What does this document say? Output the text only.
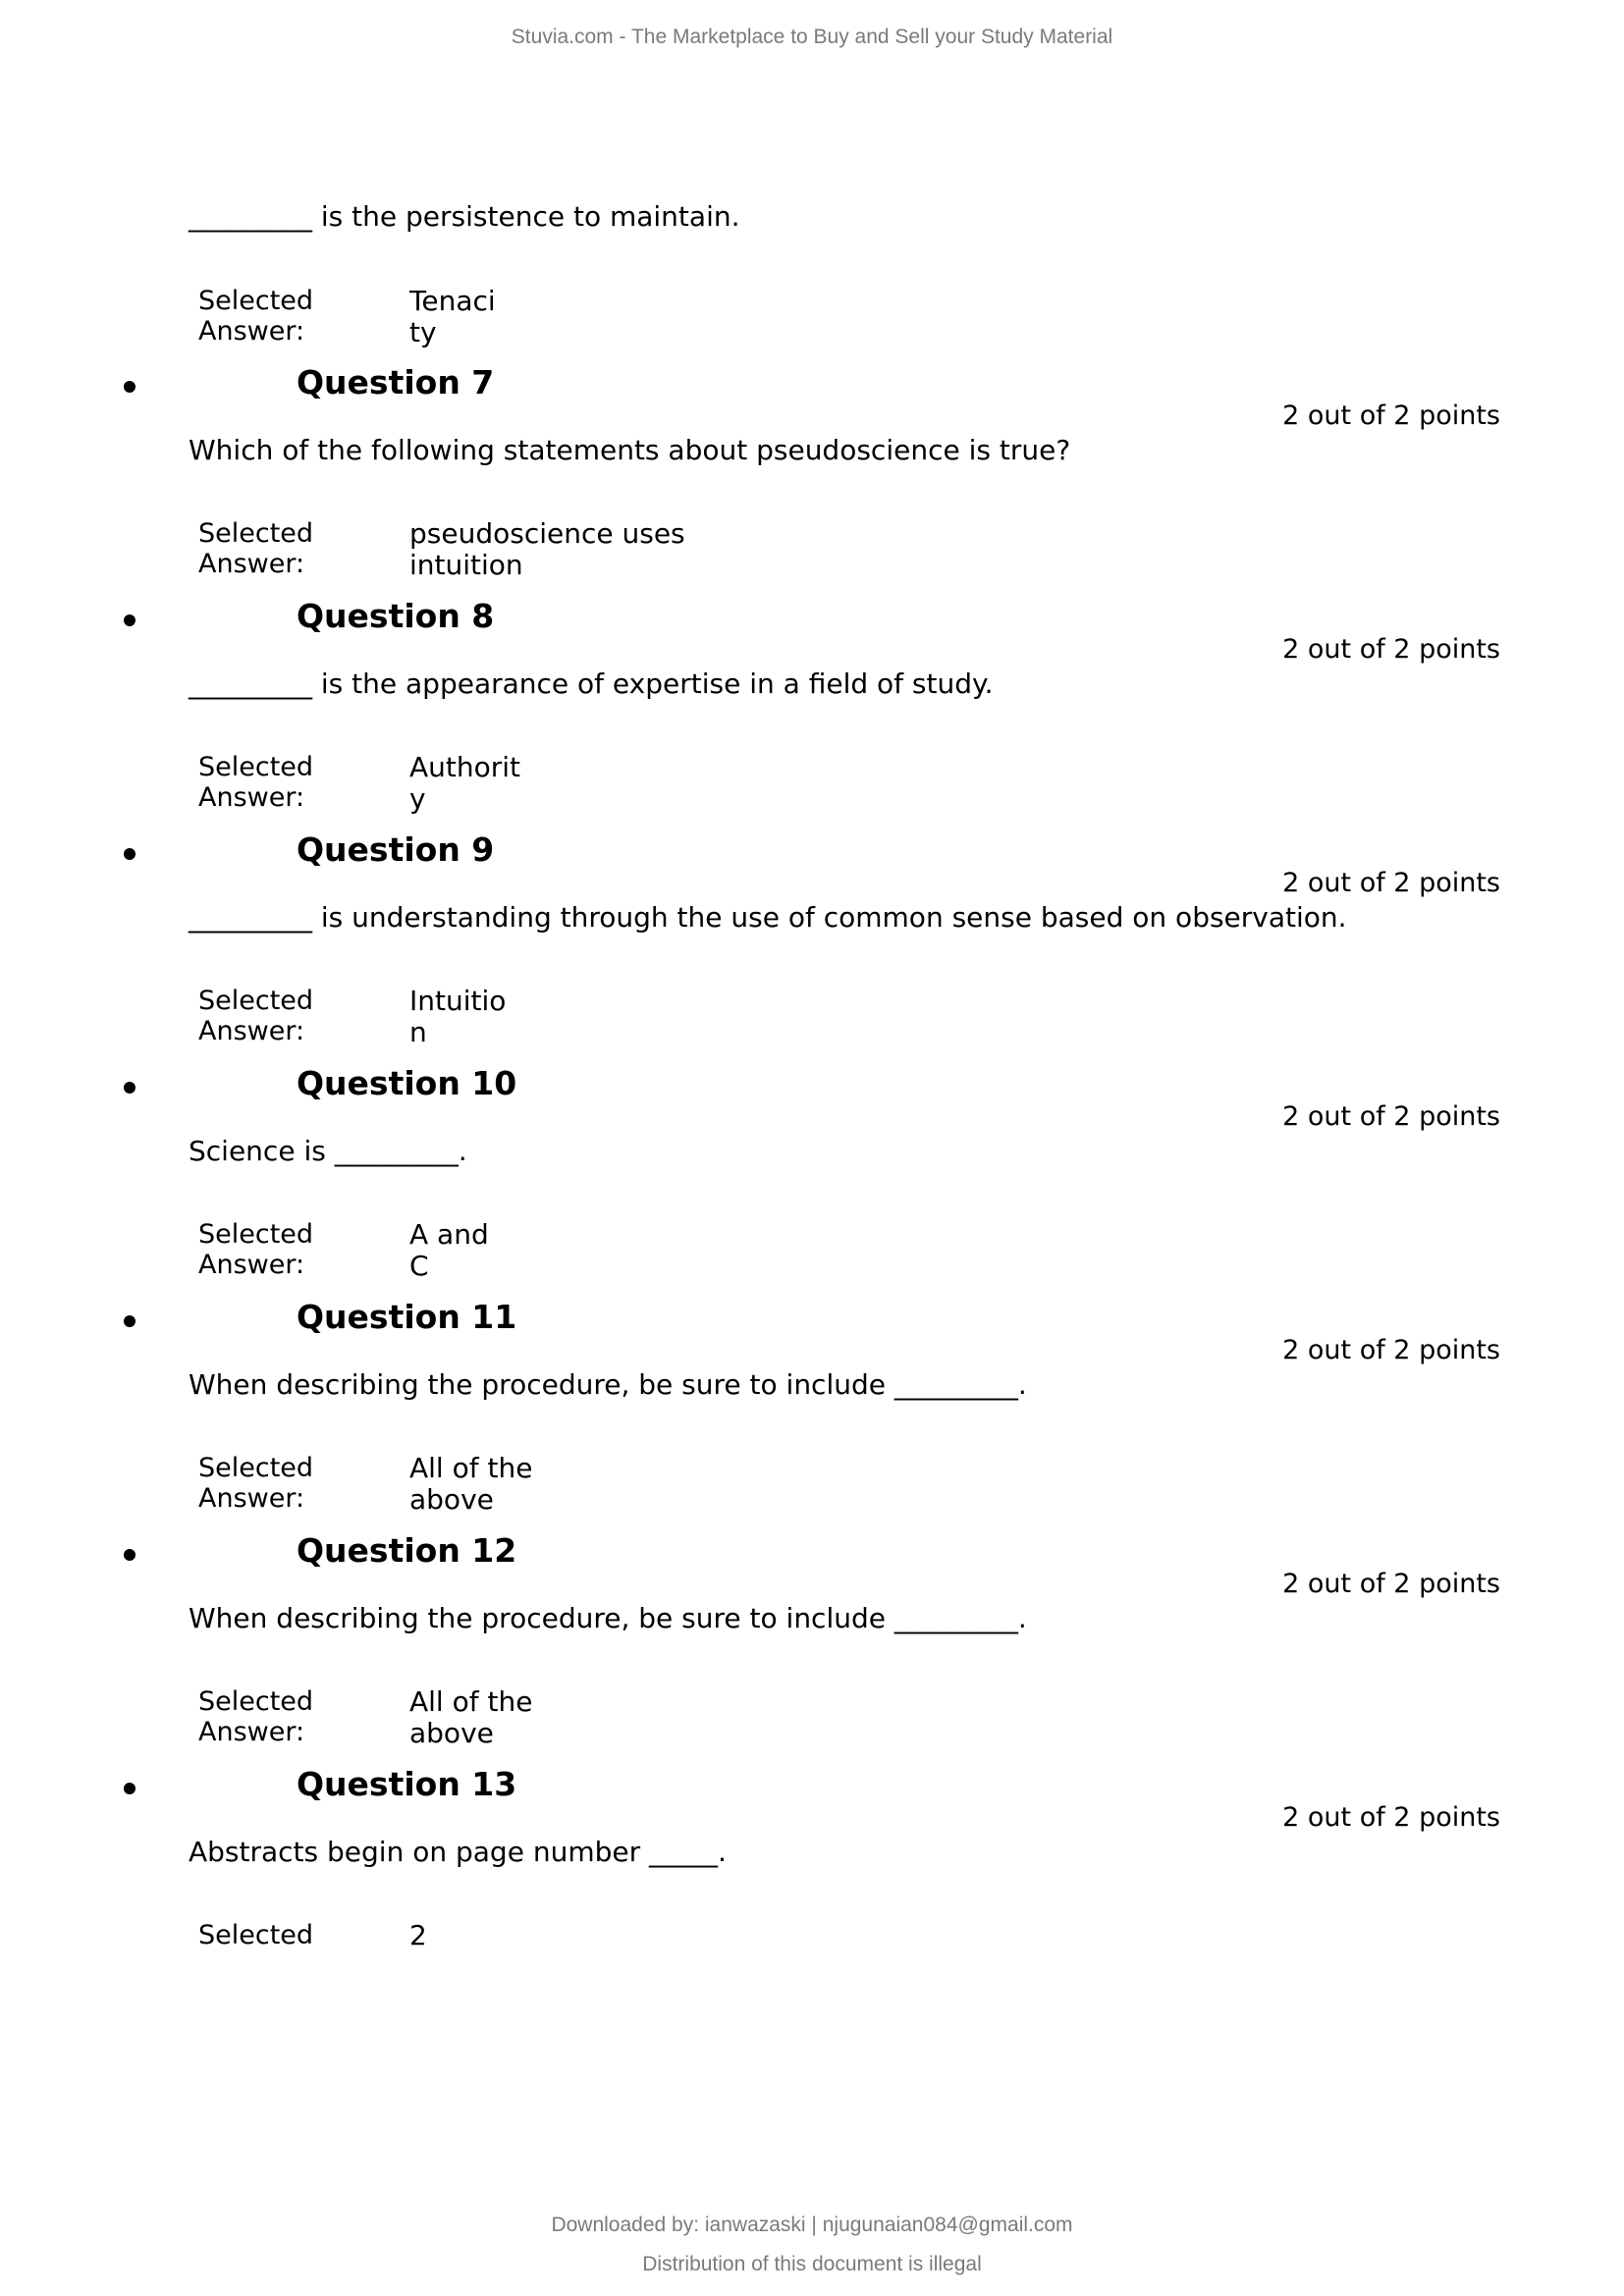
Stuvia.com - The Marketplace to Buy and Sell your Study Material
_________ is the persistence to maintain.
Selected
Answer:
Tenaci
ty
Question 7
2 out of 2 points
Which of the following statements about pseudoscience is true?
Selected
Answer:
pseudoscience uses
intuition
Question 8
2 out of 2 points
_________ is the appearance of expertise in a field of study.
Selected
Answer:
Authorit
y
Question 9
2 out of 2 points
_________ is understanding through the use of common sense based on observation.
Selected
Answer:
Intuitio
n
Question 10
2 out of 2 points
Science is _________.
Selected
Answer:
A and
C
Question 11
2 out of 2 points
When describing the procedure, be sure to include _________.
Selected
Answer:
All of the
above
Question 12
2 out of 2 points
When describing the procedure, be sure to include _________.
Selected
Answer:
All of the
above
Question 13
2 out of 2 points
Abstracts begin on page number _____.
Selected	2
Downloaded by: ianwazaski | njugunaian084@gmail.com
Distribution of this document is illegal
